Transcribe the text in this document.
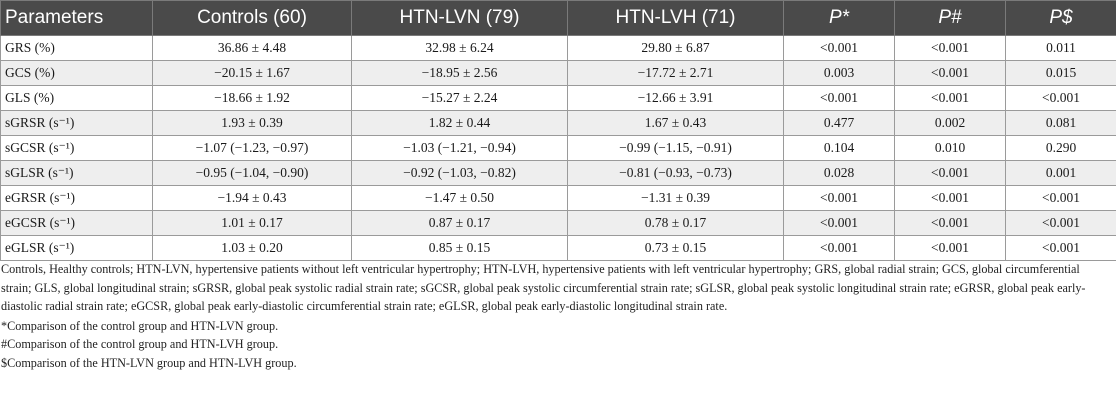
Parameters	Controls (60)	HTN-LVN (79)	HTN-LVH (71)	P*	P#	P$
GRS (%)	36.86 ± 4.48	32.98 ± 6.24	29.80 ± 6.87	<0.001	<0.001	0.011
GCS (%)	−20.15 ± 1.67	−18.95 ± 2.56	−17.72 ± 2.71	0.003	<0.001	0.015
GLS (%)	−18.66 ± 1.92	−15.27 ± 2.24	−12.66 ± 3.91	<0.001	<0.001	<0.001
sGRSR (s⁻¹)	1.93 ± 0.39	1.82 ± 0.44	1.67 ± 0.43	0.477	0.002	0.081
sGCSR (s⁻¹)	−1.07 (−1.23, −0.97)	−1.03 (−1.21, −0.94)	−0.99 (−1.15, −0.91)	0.104	0.010	0.290
sGLSR (s⁻¹)	−0.95 (−1.04, −0.90)	−0.92 (−1.03, −0.82)	−0.81 (−0.93, −0.73)	0.028	<0.001	0.001
eGRSR (s⁻¹)	−1.94 ± 0.43	−1.47 ± 0.50	−1.31 ± 0.39	<0.001	<0.001	<0.001
eGCSR (s⁻¹)	1.01 ± 0.17	0.87 ± 0.17	0.78 ± 0.17	<0.001	<0.001	<0.001
eGLSR (s⁻¹)	1.03 ± 0.20	0.85 ± 0.15	0.73 ± 0.15	<0.001	<0.001	<0.001

Controls, Healthy controls; HTN-LVN, hypertensive patients without left ventricular hypertrophy; HTN-LVH, hypertensive patients with left ventricular hypertrophy; GRS, global radial strain; GCS, global circumferential strain; GLS, global longitudinal strain; sGRSR, global peak systolic radial strain rate; sGCSR, global peak systolic circumferential strain rate; sGLSR, global peak systolic longitudinal strain rate; eGRSR, global peak early-diastolic radial strain rate; eGCSR, global peak early-diastolic circumferential strain rate; eGLSR, global peak early-diastolic longitudinal strain rate.

*Comparison of the control group and HTN-LVN group.

#Comparison of the control group and HTN-LVH group.

$Comparison of the HTN-LVN group and HTN-LVH group.
